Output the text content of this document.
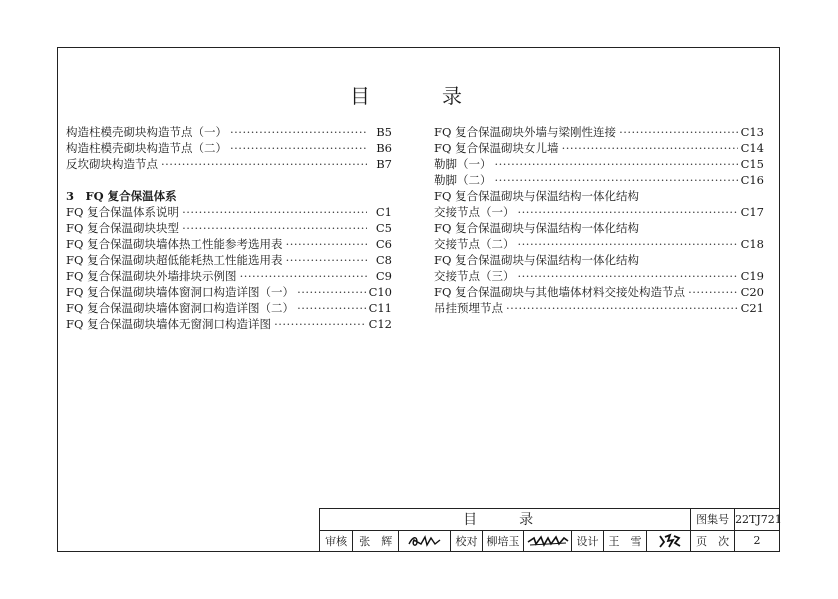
目　录
构造柱模壳砌块构造节点（一） ·····	B5
构造柱模壳砌块构造节点（二） ·····	B6
反坎砌块构造节点 ·····	B7
3　FQ 复合保温体系
FQ 复合保温体系说明 ·····	C1
FQ 复合保温砌块块型 ·····	C5
FQ 复合保温砌块墙体热工性能参考选用表 ·····	C6
FQ 复合保温砌块超低能耗热工性能选用表 ·····	C8
FQ 复合保温砌块外墙排块示例图 ·····	C9
FQ 复合保温砌块墙体窗洞口构造详图（一） ·····	C10
FQ 复合保温砌块墙体窗洞口构造详图（二） ·····	C11
FQ 复合保温砌块墙体无窗洞口构造详图 ·····	C12
FQ 复合保温砌块外墙与梁刚性连接 ·····	C13
FQ 复合保温砌块女儿墙 ·····	C14
勒脚（一） ·····	C15
勒脚（二） ·····	C16
FQ 复合保温砌块与保温结构一体化结构
交接节点（一） ·····	C17
FQ 复合保温砌块与保温结构一体化结构
交接节点（二） ·····	C18
FQ 复合保温砌块与保温结构一体化结构
交接节点（三） ·····	C19
FQ 复合保温砌块与其他墙体材料交接处构造节点 ·····	C20
吊挂预埋节点 ·····	C21
目　录									图集号	22TJ721
审核	张　辉		校对	柳培玉		设计	王　雪		页　次	2
